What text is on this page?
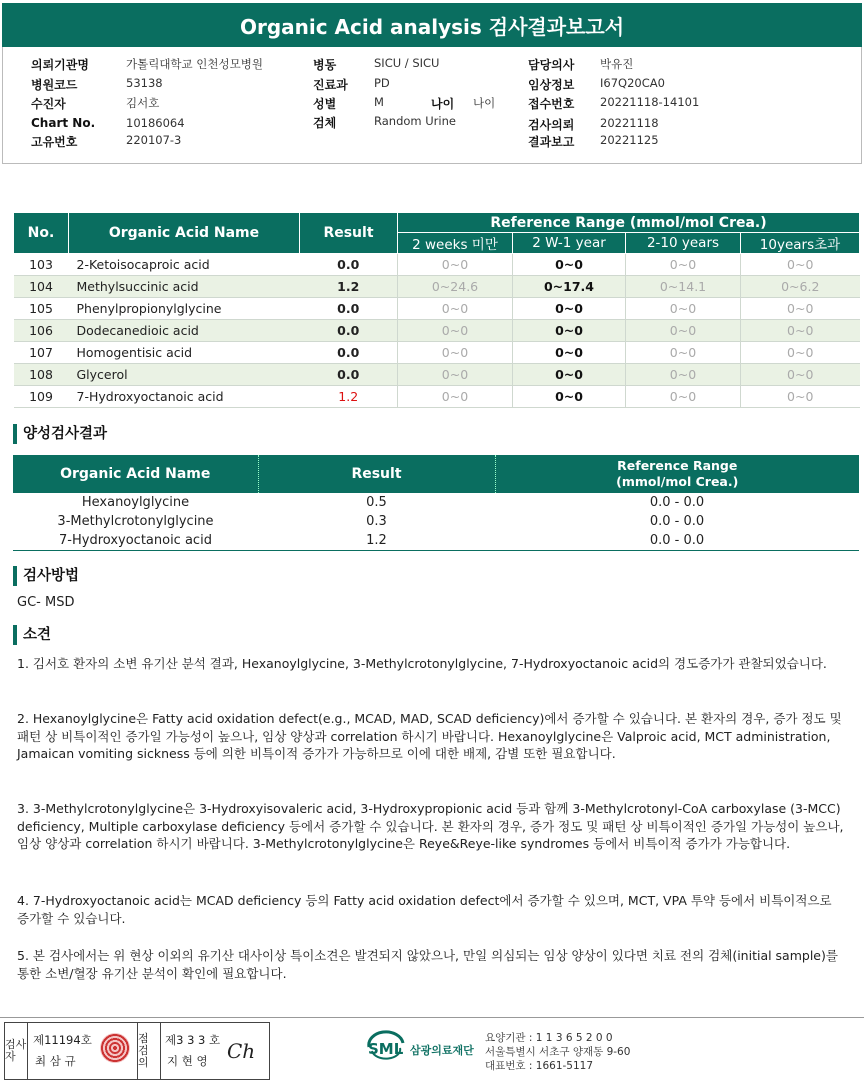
Organic Acid analysis 검사결과보고서
의뢰기관명	가톨릭대학교 인천성모병원
병원코드	53138
수진자	김서호
Chart No.	10186064
고유번호	220107-3
병동	SICU / SICU
진료과 PD
성별	M	나이 나이
검체	Random Urine
담당의사 박유진
임상정보 I67Q20CA0
접수번호 20221118-14101
검사의뢰 20221118
결과보고 20221125
No.	Organic Acid Name	Result	Reference Range (mmol/mol Crea.)			
			2 weeks 미만	2 W-1 year	2-10 years	10years초과
103	2-Ketoisocaproic acid	0.0	0~0	0~0	0~0	0~0
104	Methylsuccinic acid	1.2	0~24.6	0~17.4	0~14.1	0~6.2
105	Phenylpropionylglycine	0.0	0~0	0~0	0~0	0~0
106	Dodecanedioic acid	0.0	0~0	0~0	0~0	0~0
107	Homogentisic acid	0.0	0~0	0~0	0~0	0~0
108	Glycerol	0.0	0~0	0~0	0~0	0~0
109	7-Hydroxyoctanoic acid	1.2	0~0	0~0	0~0	0~0
양성검사결과
Organic Acid Name	Result	Reference Range
(mmol/mol Crea.)

Hexanoylglycine	0.5	0.0 - 0.0
3-Methylcrotonylglycine	0.3	0.0 - 0.0
7-Hydroxyoctanoic acid	1.2	0.0 - 0.0
검사방법
GC- MSD
소견
1. 김서호 환자의 소변 유기산 분석 결과, Hexanoylglycine, 3-Methylcrotonylglycine, 7-Hydroxyoctanoic acid의 경도증가가 관찰되었습니다.
2. Hexanoylglycine은 Fatty acid oxidation defect(e.g., MCAD, MAD, SCAD deficiency)에서 증가할 수 있습니다. 본 환자의 경우, 증가 정도 및 패턴 상 비특이적인 증가일 가능성이 높으나, 임상 양상과 correlation 하시기 바랍니다. Hexanoylglycine은 Valproic acid, MCT administration, Jamaican vomiting sickness 등에 의한 비특이적 증가가 가능하므로 이에 대한 배제, 감별 또한 필요합니다.
3. 3-Methylcrotonylglycine은 3-Hydroxyisovaleric acid, 3-Hydroxypropionic acid 등과 함께 3-Methylcrotonyl-CoA carboxylase (3-MCC) deficiency, Multiple carboxylase deficiency 등에서 증가할 수 있습니다. 본 환자의 경우, 증가 정도 및 패턴 상 비특이적인 증가일 가능성이 높으나, 임상 양상과 correlation 하시기 바랍니다. 3-Methylcrotonylglycine은 Reye&Reye-like syndromes 등에서 비특이적 증가가 가능합니다.
4. 7-Hydroxyoctanoic acid는 MCAD deficiency 등의 Fatty acid oxidation defect에서 증가할 수 있으며, MCT, VPA 투약 등에서 비특이적으로 증가할 수 있습니다.
5. 본 검사에서는 위 현상 이외의 유기산 대사이상 특이소견은 발견되지 않았으나, 만일 의심되는 임상 양상이 있다면 치료 전의 검체(initial sample)를 통한 소변/혈장 유기산 분석이 확인에 필요합니다.
검사자
제11194호
최 삼 규
점 검 의
제3 3 3 호
지 현 영 Ch	SML 삼광의료재단
요양기관 : 1 1 3 6 5 2 0 0
서울특별시 서초구 양재동 9-60
대표번호 : 1661-5117
